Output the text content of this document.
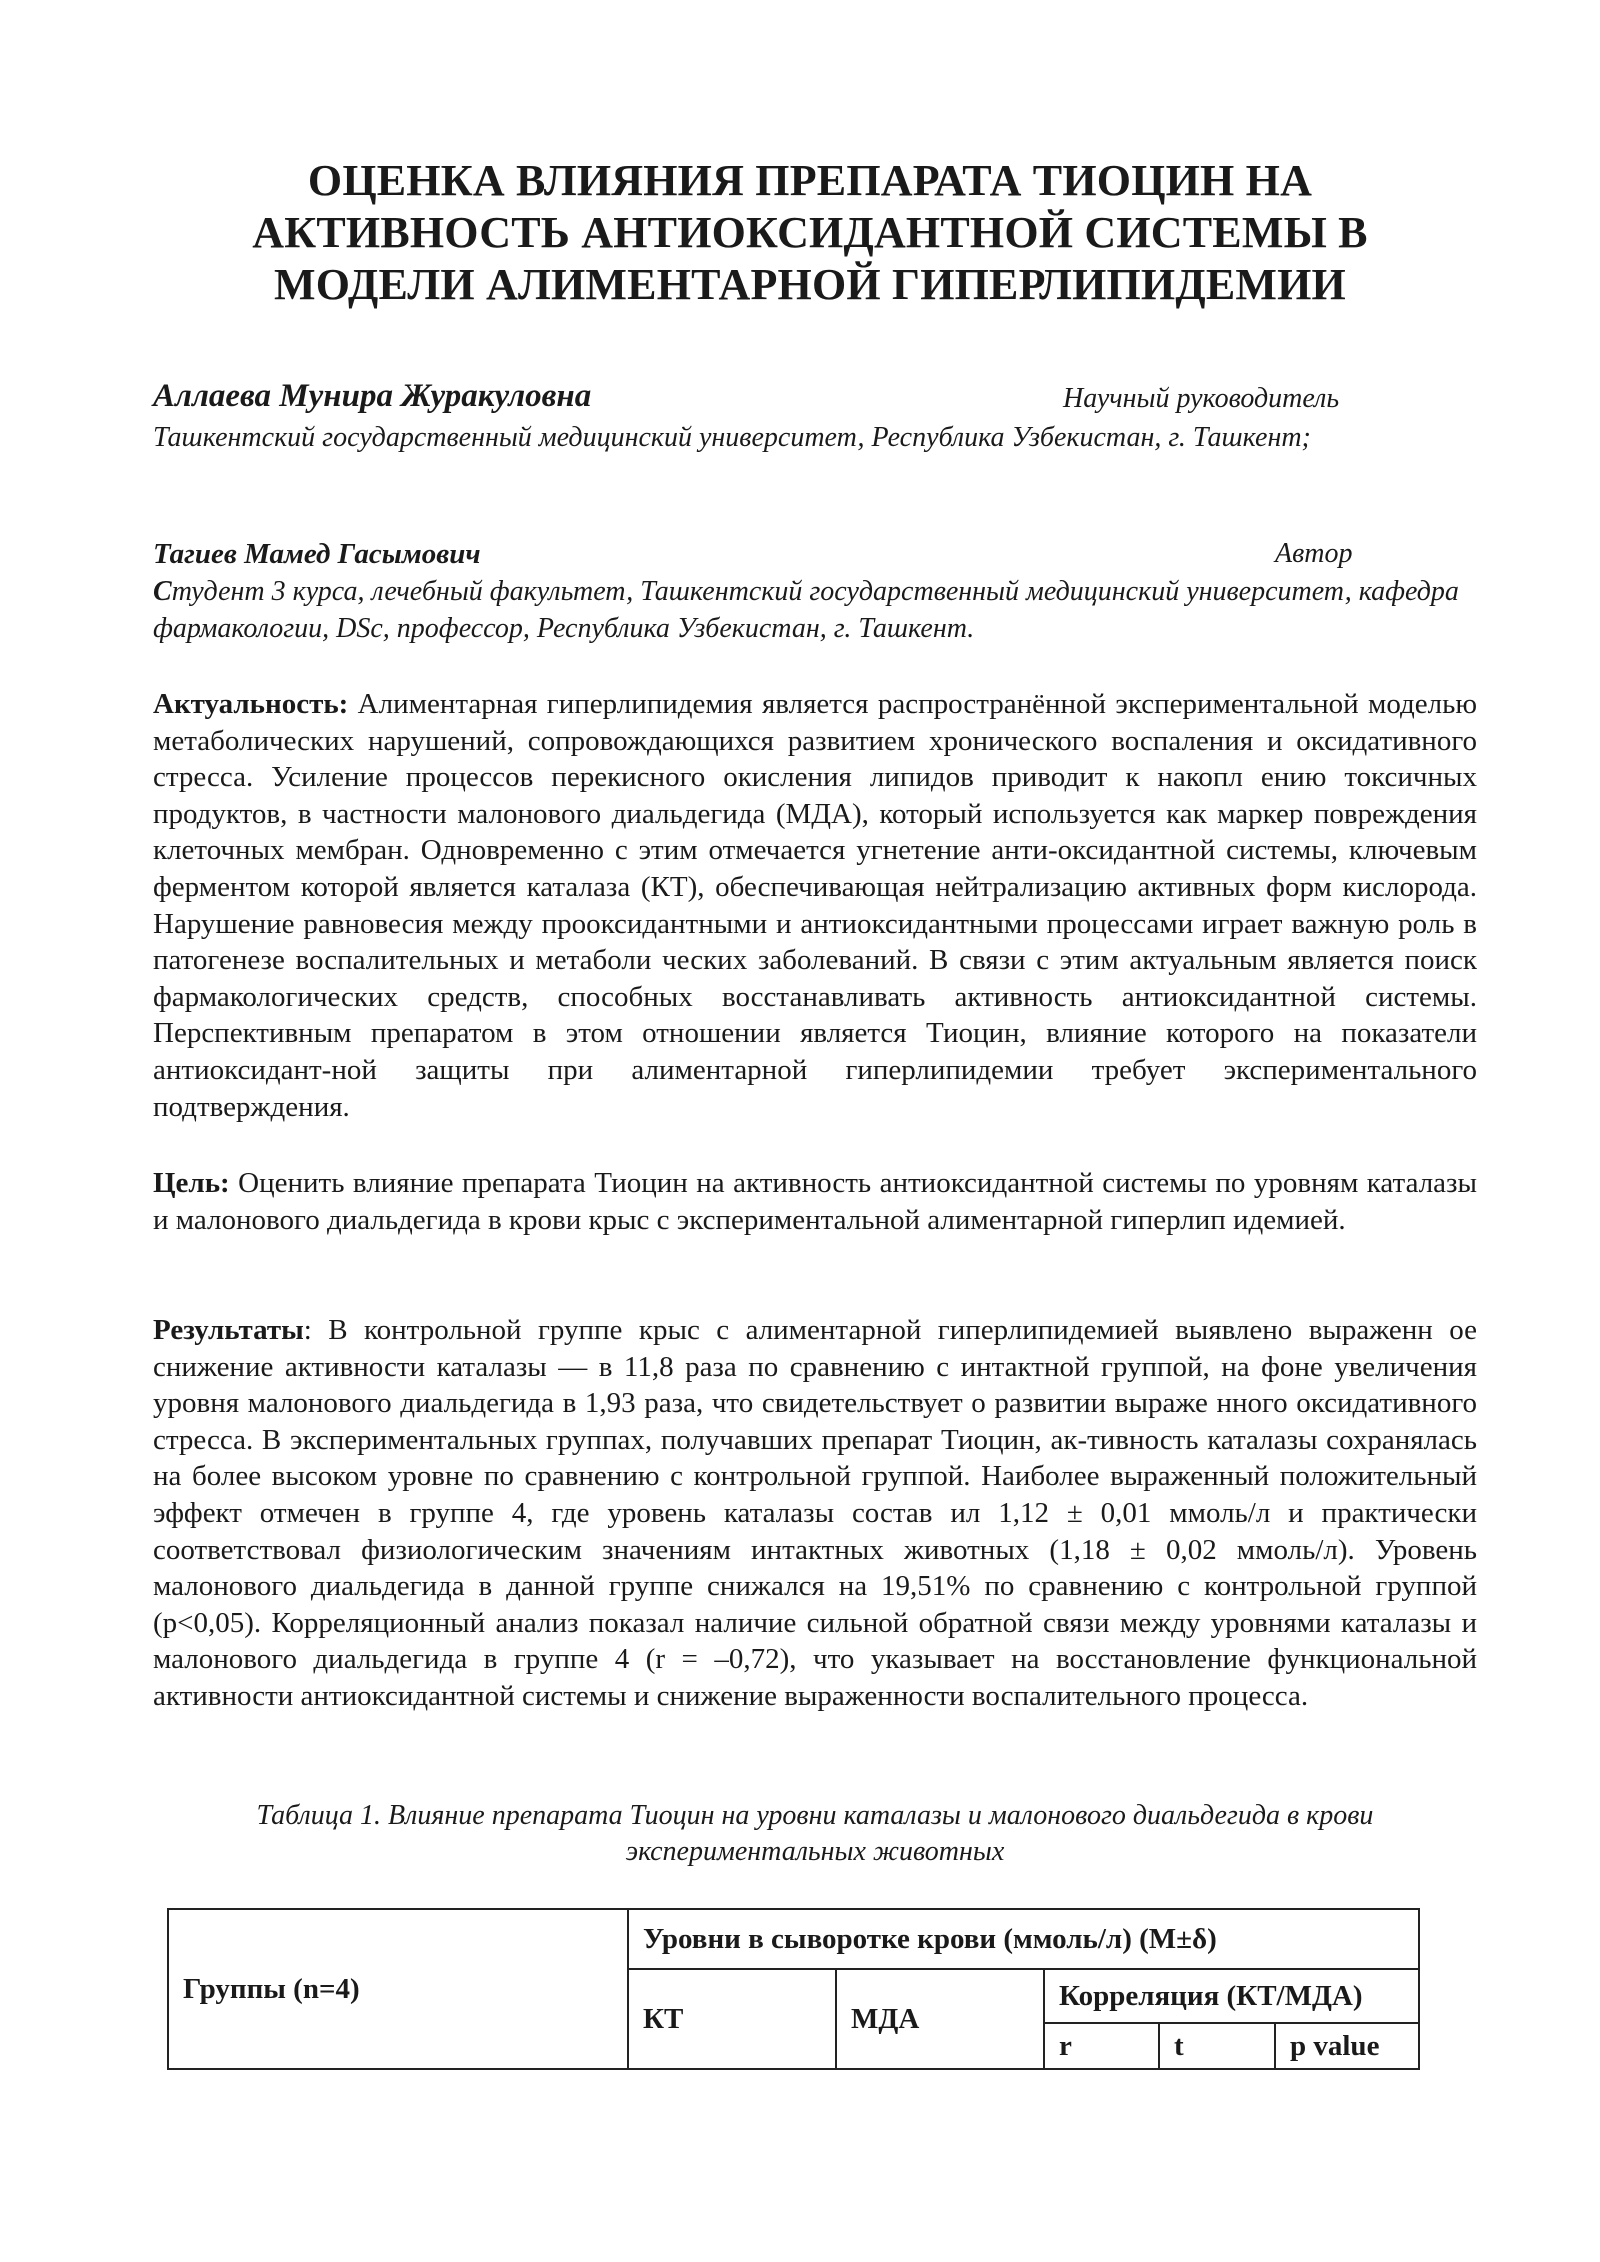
ОЦЕНКА ВЛИЯНИЯ ПРЕПАРАТА ТИОЦИН НА
АКТИВНОСТЬ АНТИОКСИДАНТНОЙ СИСТЕМЫ В
МОДЕЛИ АЛИМЕНТАРНОЙ ГИПЕРЛИПИДЕМИИ
Аллаева Мунира Журакуловна	Научный руководитель
Ташкентский государственный медицинский университет, Республика Узбекистан, г. Ташкент;
Тагиев Мамед Гасымович	Автор
Студент 3 курса, лечебный факультет, Ташкентский государственный медицинский университет, кафедра фармакологии, DSc, профессор, Республика Узбекистан, г. Ташкент.
Актуальность: Алиментарная гиперлипидемия является распространённой экспериментальной моделью метаболических нарушений, сопровождающихся развитием хронического воспаления и оксидативного стресса. Усиление процессов перекисного окисления липидов приводит к накопл ению токсичных продуктов, в частности малонового диальдегида (МДА), который используется как маркер повреждения клеточных мембран. Одновременно с этим отмечается угнетение анти-оксидантной системы, ключевым ферментом которой является каталаза (КТ), обеспечивающая нейтрализацию активных форм кислорода. Нарушение равновесия между прооксидантными и антиоксидантными процессами играет важную роль в патогенезе воспалительных и метаболи ческих заболеваний. В связи с этим актуальным является поиск фармакологических средств, способных восстанавливать активность антиоксидантной системы. Перспективным препаратом в этом отношении является Тиоцин, влияние которого на показатели антиоксидант-ной защиты при алиментарной гиперлипидемии требует экспериментального подтверждения.
Цель: Оценить влияние препарата Тиоцин на активность антиоксидантной системы по уровням каталазы и малонового диальдегида в крови крыс с экспериментальной алиментарной гиперлип идемией.
Результаты: В контрольной группе крыс с алиментарной гиперлипидемией выявлено выраженн ое снижение активности каталазы — в 11,8 раза по сравнению с интактной группой, на фоне увеличения уровня малонового диальдегида в 1,93 раза, что свидетельствует о развитии выраже нного оксидативного стресса. В экспериментальных группах, получавших препарат Тиоцин, ак-тивность каталазы сохранялась на более высоком уровне по сравнению с контрольной группой. Наиболее выраженный положительный эффект отмечен в группе 4, где уровень каталазы состав ил 1,12 ± 0,01 ммоль/л и практически соответствовал физиологическим значениям интактных животных (1,18 ± 0,02 ммоль/л). Уровень малонового диальдегида в данной группе снижался на 19,51% по сравнению с контрольной группой (p<0,05). Корреляционный анализ показал наличие сильной обратной связи между уровнями каталазы и малонового диальдегида в группе 4 (r = –0,72), что указывает на восстановление функциональной активности антиоксидантной системы и снижение выраженности воспалительного процесса.
Таблица 1. Влияние препарата Тиоцин на уровни каталазы и малонового диальдегида в крови экспериментальных животных
Группы (n=4)	Уровни в сыворотке крови (ммоль/л) (M±δ)				
	КТ	МДА	Корреляция (КТ/МДА)		
			r	t	p value
